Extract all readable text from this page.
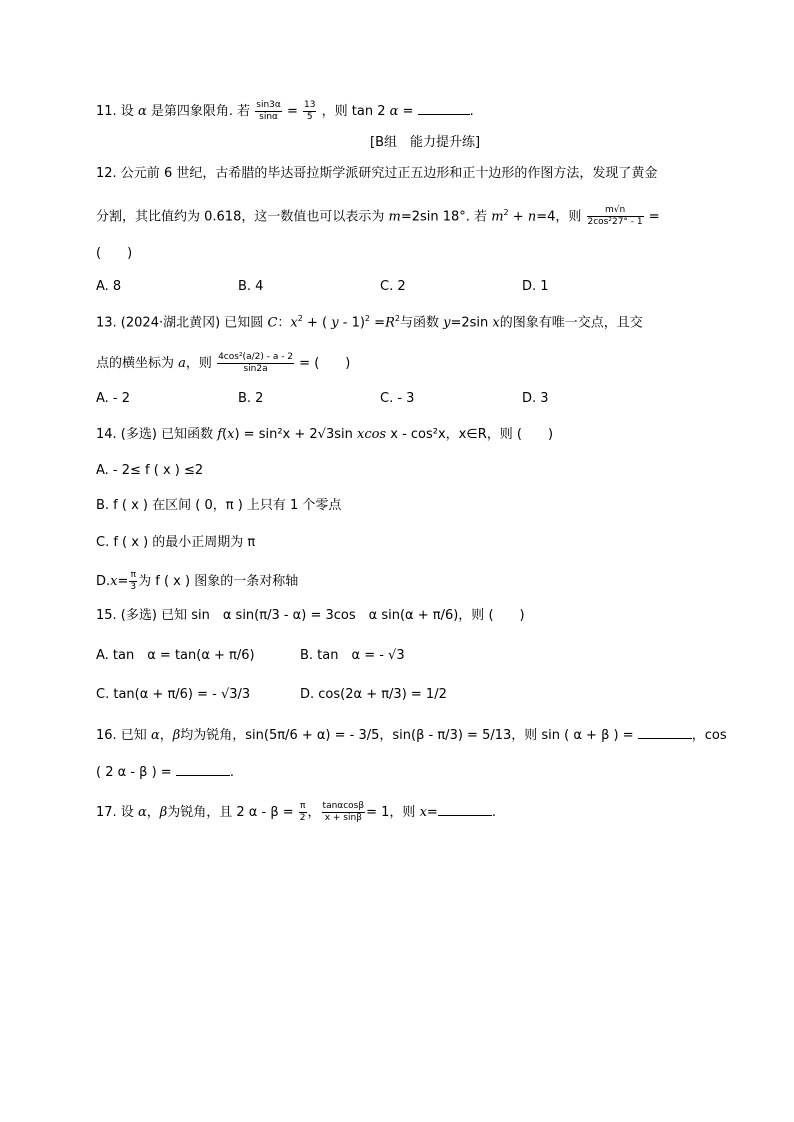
11. 设 α 是第四象限角. 若 $\frac{\sin 3\alpha}{\sin\alpha} = \frac{13}{5}$ ，则 tan 2 α =	.
[B组　能力提升练]
12. 公元前 6 世纪，古希腊的毕达哥拉斯学派研究过正五边形和正十边形的作图方法，发现了黄金
分割，其比值约为 0.618，这一数值也可以表示为 m=2sin 18°. 若 $m^2 + n=4$，则 $\frac{m√n}{\text{2cos²27° - 1}}$ =
(　　)
A. 8	B. 4	C. 2	D. 1
13. (2024·湖北黄冈) 已知圆 C：$x^2$ + ( $y - 1)^2 =R^2$与函数 y=2sin x的图象有唯一交点，且交
点的横坐标为 a，则 $\frac{\text{4cos²(a/2) - a - 2}}{\sin 2a}$ = (　　)
A. - 2	B. 2	C. - 3	D. 3
14. (多选) 已知函数 f(x) = sin²x + 2√3sin xcos x - cos²x，x∈R，则 (　　)
A. - 2≤ f ( x ) ≤2
B. f ( x ) 在区间 ( 0，π ) 上只有 1 个零点
C. f ( x ) 的最小正周期为 π
$D.x= \frac{\pi}{3}$ 为 f ( x ) 图象的一条对称轴
15. (多选) 已知 sin　α sin(π/3 - α) = 3cos　α sin(α + π/6)，则 (　　)
A. tan　α = tan(α + π/6)	B. tan　α = - √3
C. tan(α + π/6) = - √3/3	D. cos(2α + π/3) = 1/2
16. 已知 α，β均为锐角，sin(5π/6 + α) = - 3/5，sin(β - π/3) = 5/13，则 sin ( α + β ) =	，cos
( 2 α - β ) =	.
17. 设 α，β为锐角，且 2 $\alpha - \beta = \frac{\pi}{2}$ ， $\frac{\tan\alpha\cos\beta}{x + \sin\beta} = 1$，则 x=	.
